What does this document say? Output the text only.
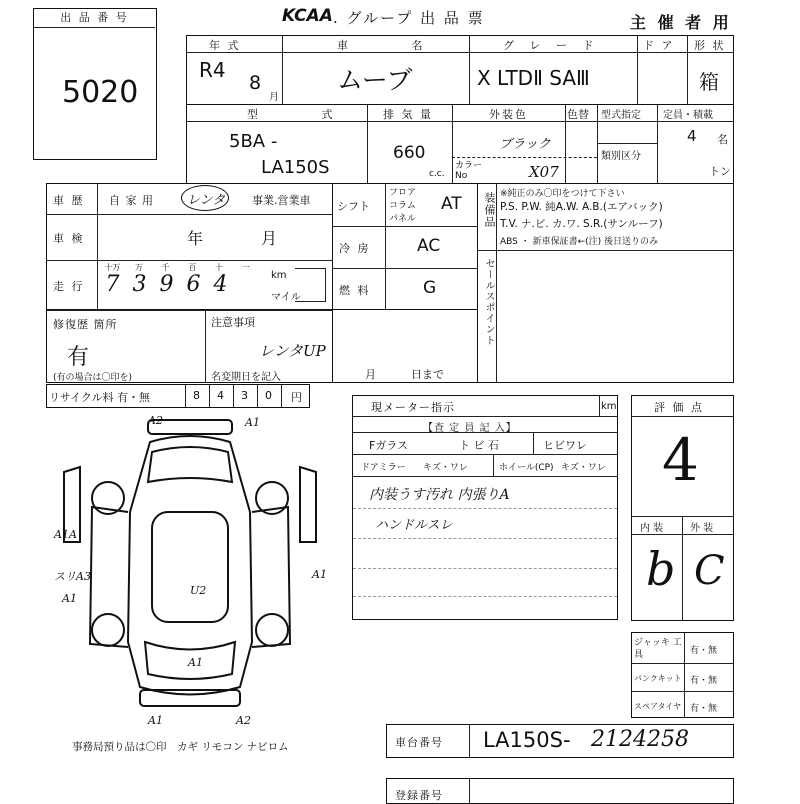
出 品 番 号
5020
KCAA . グループ 出 品 票	主 催 者 用
年 式
R4
8
月
車 名
ムーブ
グ レ ー ド
X LTDⅡ SAⅢ
ド ア 形 状
箱
型 式
5BA -
LA150S
排 気 量
660
c.c.
外装色	色替
ブラック
カラー No	X07
型式指定
類別区分
定員・積載
4 名
トン
車 歴 自 家 用	レンタ 事業.営業車
車 検	年	月
走 行
十万	万	千	百	十	一
7 3 9 6 4	km
マイル
修復歴 箇所
有
(有の場合は〇印を)
注意事項
レンタUP
名変期日を記入	月	日まで
リサイクル料 有・無	8 4 3 0 円
シフト
フロア
コラム
パネル
AT
冷 房	AC
燃 料	G
装備品 ※純正のみ〇印をつけて下さい
P.S. P.W. 純A.W. A.B.(エアバック)
T.V. ナ.ビ. カ.ワ. S.R.(サンルーフ)
ABS ・ 新車保証書←(注) 後日送りのみ
セールスポイント
現メーター指示	km
【査 定 員 記 入】
Fガラス	ト ビ 石	ヒビワレ
ドアミラー キズ・ワレ	ホイール(CP) キズ・ワレ
内装うす汚れ 内張りA
ハンドルスレ
評 価 点
4
内 装	外 装
b C
ジャッキ 工 具	有・無
パンクキット 有・無
スペアタイヤ 有・無
A2	A1
A1A
スリA3
A1
A1
A1
A1	A2
U2
事務局預り品は〇印　カギ リモコン ナビロム	車台番号 LA150S- 2124258
登録番号
